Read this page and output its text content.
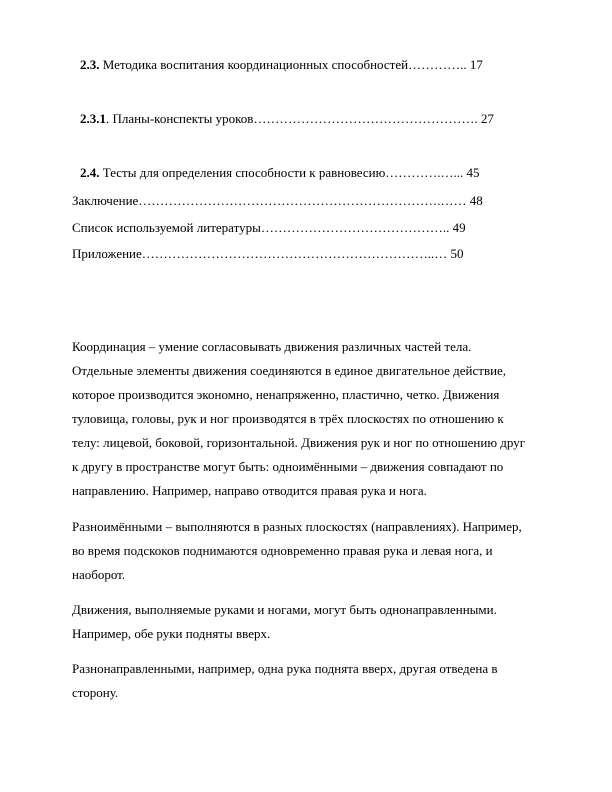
2.3. Методика воспитания координационных способностей………….. 17
2.3.1. Планы-конспекты уроков……………………………………………. 27
2.4. Тесты для определения способности к равновесию………….…... 45
Заключение…………………………………………………………….…… 48
Список используемой литературы…………………………………….. 49
Приложение…………………………………………………………..… 50

Координация – умение согласовывать движения различных частей тела.
Отдельные элементы движения соединяются в единое двигательное действие,
которое производится экономно, ненапряженно, пластично, четко. Движения
туловища, головы, рук и ног производятся в трёх плоскостях по отношению к
телу: лицевой, боковой, горизонтальной. Движения рук и ног по отношению друг
к другу в пространстве могут быть: одноимёнными – движения совпадают по
направлению. Например, направо отводится правая рука и нога.

Разноимёнными – выполняются в разных плоскостях (направлениях). Например,
во время подскоков поднимаются одновременно правая рука и левая нога, и
наоборот.

Движения, выполняемые руками и ногами, могут быть однонаправленными.
Например, обе руки подняты вверх.

Разнонаправленными, например, одна рука поднята вверх, другая отведена в
сторону.
